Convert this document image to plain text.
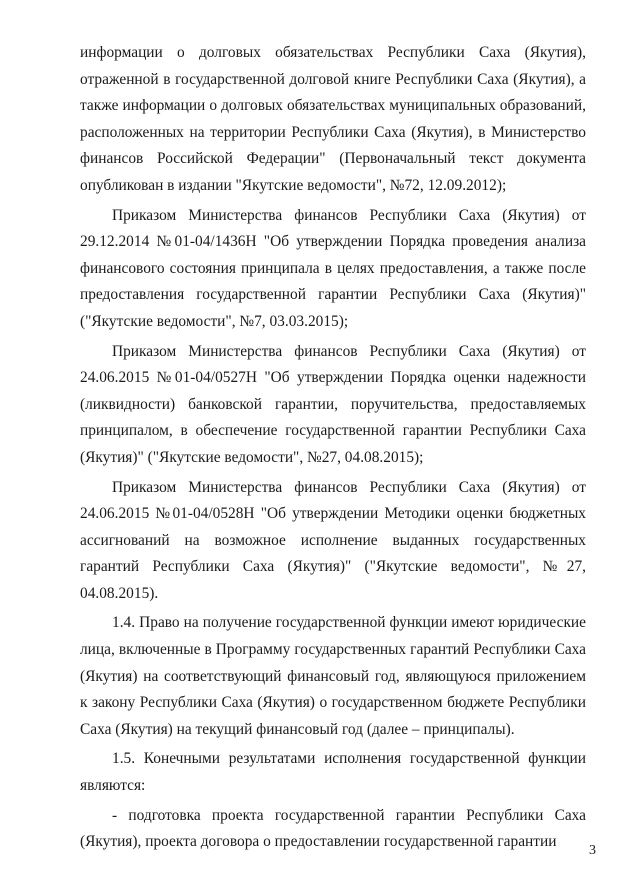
информации о долговых обязательствах Республики Саха (Якутия), отраженной в государственной долговой книге Республики Саха (Якутия), а также информации о долговых обязательствах муниципальных образований, расположенных на территории Республики Саха (Якутия), в Министерство финансов Российской Федерации" (Первоначальный текст документа опубликован в издании "Якутские ведомости", №72, 12.09.2012);

Приказом Министерства финансов Республики Саха (Якутия) от 29.12.2014 №01-04/1436Н "Об утверждении Порядка проведения анализа финансового состояния принципала в целях предоставления, а также после предоставления государственной гарантии Республики Саха (Якутия)" ("Якутские ведомости", №7, 03.03.2015);

Приказом Министерства финансов Республики Саха (Якутия) от 24.06.2015 №01-04/0527Н "Об утверждении Порядка оценки надежности (ликвидности) банковской гарантии, поручительства, предоставляемых принципалом, в обеспечение государственной гарантии Республики Саха (Якутия)" ("Якутские ведомости", №27, 04.08.2015);

Приказом Министерства финансов Республики Саха (Якутия) от 24.06.2015 №01-04/0528Н "Об утверждении Методики оценки бюджетных ассигнований на возможное исполнение выданных государственных гарантий Республики Саха (Якутия)" ("Якутские ведомости", №27, 04.08.2015).

1.4. Право на получение государственной функции имеют юридические лица, включенные в Программу государственных гарантий Республики Саха (Якутия) на соответствующий финансовый год, являющуюся приложением к закону Республики Саха (Якутия) о государственном бюджете Республики Саха (Якутия) на текущий финансовый год (далее – принципалы).

1.5. Конечными результатами исполнения государственной функции являются:

- подготовка проекта государственной гарантии Республики Саха (Якутия), проекта договора о предоставлении государственной гарантии

3
